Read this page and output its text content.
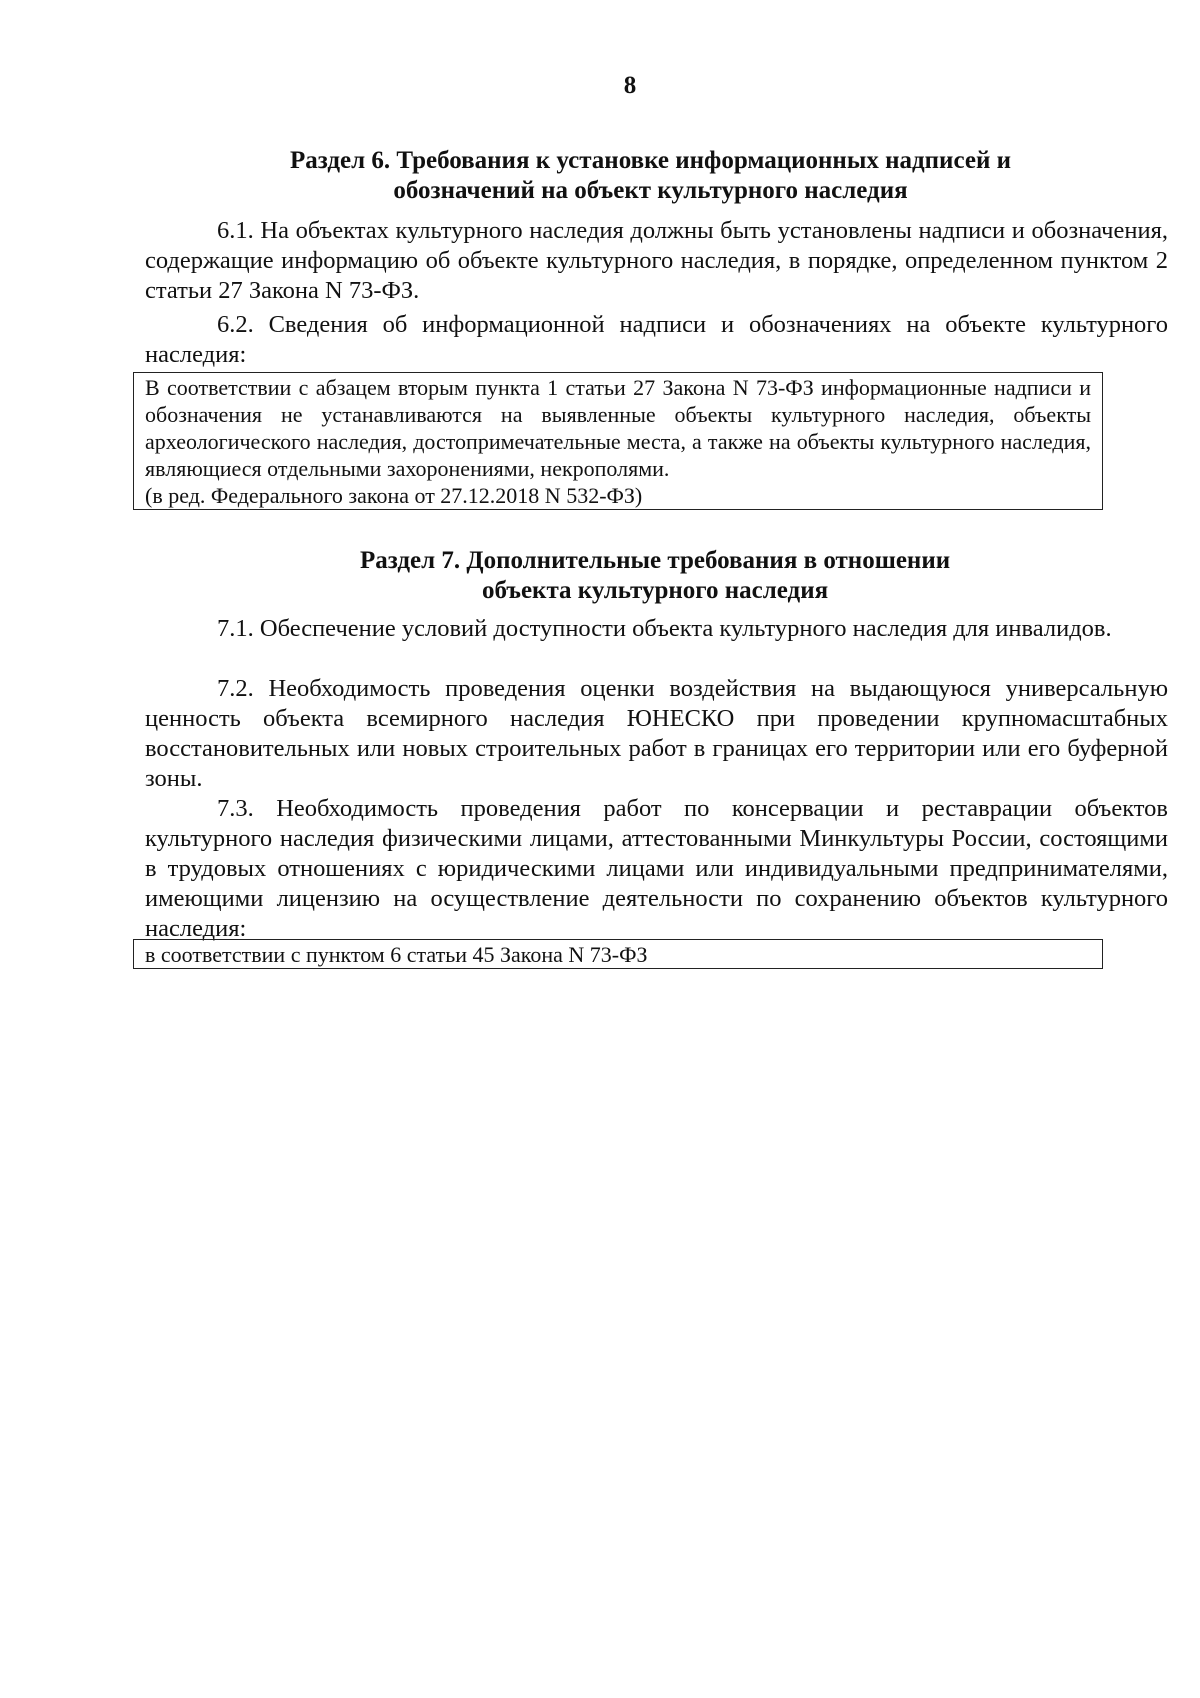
8
Раздел 6. Требования к установке информационных надписей и
обозначений на объект культурного наследия

6.1. На объектах культурного наследия должны быть установлены надписи и обозначения, содержащие информацию об объекте культурного наследия, в порядке, определенном пунктом 2 статьи 27 Закона N 73-ФЗ.

6.2. Сведения об информационной надписи и обозначениях на объекте культурного наследия:

В соответствии с абзацем вторым пункта 1 статьи 27 Закона N 73-ФЗ информационные надписи и обозначения не устанавливаются на выявленные объекты культурного наследия, объекты археологического наследия, достопримечательные места, а также на объекты культурного наследия, являющиеся отдельными захоронениями, некрополями.
(в ред. Федерального закона от 27.12.2018 N 532-ФЗ)
Раздел 7. Дополнительные требования в отношении
объекта культурного наследия

7.1. Обеспечение условий доступности объекта культурного наследия для инвалидов.

7.2. Необходимость проведения оценки воздействия на выдающуюся универсальную ценность объекта всемирного наследия ЮНЕСКО при проведении крупномасштабных восстановительных или новых строительных работ в границах его территории или его буферной зоны.

7.3. Необходимость проведения работ по консервации и реставрации объектов культурного наследия физическими лицами, аттестованными Минкультуры России, состоящими в трудовых отношениях с юридическими лицами или индивидуальными предпринимателями, имеющими лицензию на осуществление деятельности по сохранению объектов культурного наследия:

в соответствии с пунктом 6 статьи 45 Закона N 73-ФЗ
